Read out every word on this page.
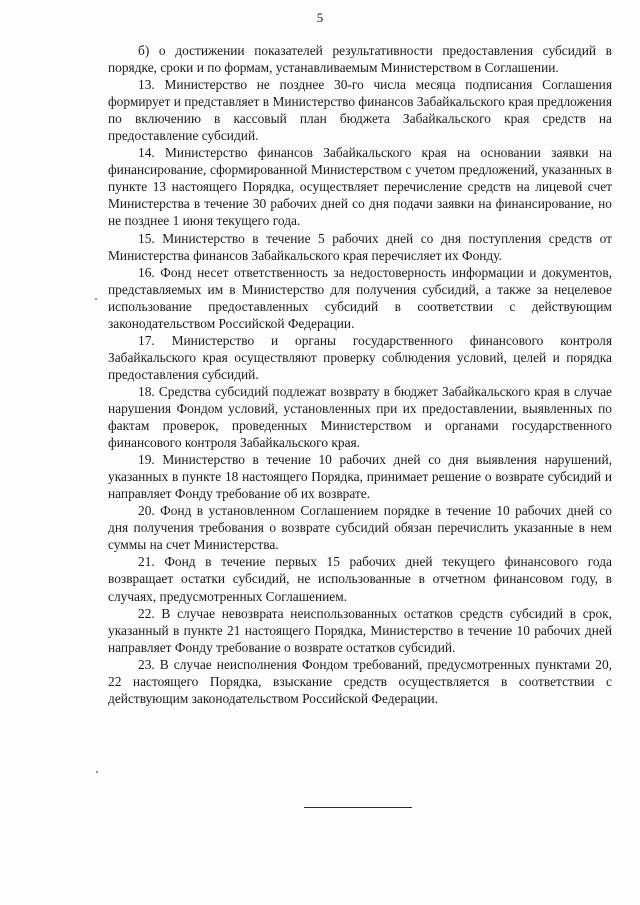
5

б) о достижении показателей результативности предоставления субсидий в порядке, сроки и по формам, устанавливаемым Министерством в Соглашении.

13. Министерство не позднее 30-го числа месяца подписания Соглашения формирует и представляет в Министерство финансов Забайкальского края предложения по включению в кассовый план бюджета Забайкальского края средств на предоставление субсидий.

14. Министерство финансов Забайкальского края на основании заявки на финансирование, сформированной Министерством с учетом предложений, указанных в пункте 13 настоящего Порядка, осуществляет перечисление средств на лицевой счет Министерства в течение 30 рабочих дней со дня подачи заявки на финансирование, но не позднее 1 июня текущего года.

15. Министерство в течение 5 рабочих дней со дня поступления средств от Министерства финансов Забайкальского края перечисляет их Фонду.

16. Фонд несет ответственность за недостоверность информации и документов, представляемых им в Министерство для получения субсидий, а также за нецелевое использование предоставленных субсидий в соответствии с действующим законодательством Российской Федерации.

17. Министерство и органы государственного финансового контроля Забайкальского края осуществляют проверку соблюдения условий, целей и порядка предоставления субсидий.

18. Средства субсидий подлежат возврату в бюджет Забайкальского края в случае нарушения Фондом условий, установленных при их предоставлении, выявленных по фактам проверок, проведенных Министерством и органами государственного финансового контроля Забайкальского края.

19. Министерство в течение 10 рабочих дней со дня выявления нарушений, указанных в пункте 18 настоящего Порядка, принимает решение о возврате субсидий и направляет Фонду требование об их возврате.

20. Фонд в установленном Соглашением порядке в течение 10 рабочих дней со дня получения требования о возврате субсидий обязан перечислить указанные в нем суммы на счет Министерства.

21. Фонд в течение первых 15 рабочих дней текущего финансового года возвращает остатки субсидий, не использованные в отчетном финансовом году, в случаях, предусмотренных Соглашением.

22. В случае невозврата неиспользованных остатков средств субсидий в срок, указанный в пункте 21 настоящего Порядка, Министерство в течение 10 рабочих дней направляет Фонду требование о возврате остатков субсидий.

23. В случае неисполнения Фондом требований, предусмотренных пунктами 20, 22 настоящего Порядка, взыскание средств осуществляется в соответствии с действующим законодательством Российской Федерации.
